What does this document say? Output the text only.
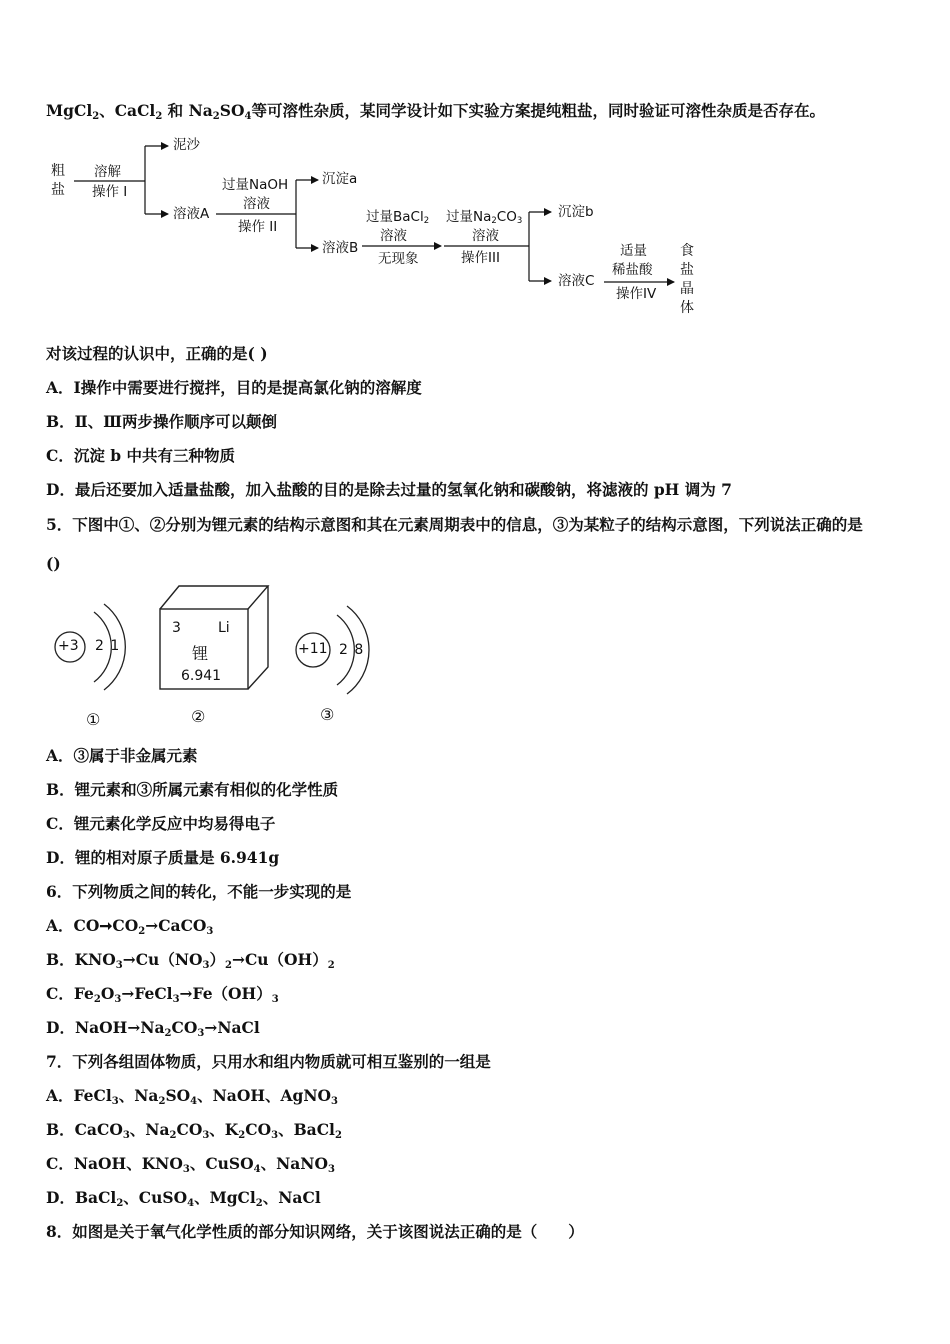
MgCl$_2$、CaCl$_2$ 和 $Na_2SO_4$等可溶性杂质，某同学设计如下实验方案提纯粗盐，同时验证可溶性杂质是否存在。
粗
盐
溶解
操作 I
泥沙
溶液A
过量NaOH
溶液
操作 II
沉淀a
溶液B
过量BaCl$_2$
溶液
无现象
过量$Na_2CO_3$
溶液
操作III
沉淀b
溶液C
适量
稀盐酸
操作IV
食
盐
晶
体
对该过程的认识中，正确的是( )
A．Ⅰ操作中需要进行搅拌，目的是提高氯化钠的溶解度
B．Ⅱ、Ⅲ两步操作顺序可以颠倒
C．沉淀 b 中共有三种物质
D．最后还要加入适量盐酸，加入盐酸的目的是除去过量的氢氧化钠和碳酸钠，将滤液的 pH 调为 7
5．下图中①、②分别为锂元素的结构示意图和其在元素周期表中的信息，③为某粒子的结构示意图，下列说法正确的是
()
+3 2 1
①
3	Li
锂
6.941
②
+11 2 8
③
A．③属于非金属元素
B．锂元素和③所属元素有相似的化学性质
C．锂元素化学反应中均易得电子
D．锂的相对原子质量是 6.941g
6．下列物质之间的转化，不能一步实现的是
A．$CO➞CO_2\to CaCO_3$
B．$KNO_3\to Cu(NO_3)_2\to Cu(OH)_2$
C．$Fe_2O_3\to FeCl_3\to Fe(OH)_3$
D．$NaOH\to Na_2CO_3\to NaCl$
7．下列各组固体物质，只用水和组内物质就可相互鉴别的一组是
A．FeCl$_3$、$Na_2SO_4$、NaOH、AgNO$_3$
B．CaCO$_3$、$Na_2CO_3$、$K_2CO_3$、BaCl$_2$
C．NaOH、$KNO_3$、CuSO$_4$、NaNO$_3$
D．BaCl$_2$、CuSO$_4$、MgCl$_2$、NaCl
8．如图是关于氧气化学性质的部分知识网络，关于该图说法正确的是（　　）
